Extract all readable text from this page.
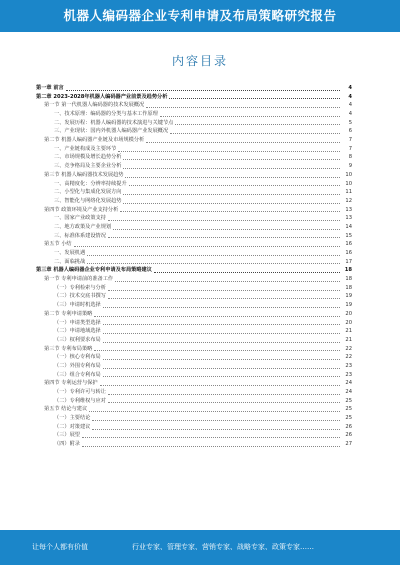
机器人编码器企业专利申请及布局策略研究报告
内容目录
第一章 前言	4
第二章 2023-2028年机器人编码器产业前景及趋势分析	4
第一节 第一代机器人编码器的技术发展概况	4
一、技术原理：编码器的分类与基本工作原理	4
二、发展历程：机器人编码器的技术演进与关键节点	5
三、产业现状：国内外机器人编码器产业发展概况	6
第二节 机器人编码器产业链及市场规模分析	7
一、产业链构成及主要环节	7
二、市场规模及增长趋势分析	8
三、竞争格局及主要企业分析	9
第三节 机器人编码器技术发展趋势	10
一、高精度化：分辨率持续提升	10
二、小型化与集成化发展方向	11
三、智能化与网络化发展趋势	12
第四节 政策环境及产业支持分析	13
一、国家产业政策支持	13
二、地方政策及产业规划	14
三、标准体系建设情况	15
第五节 小结	16
一、发展机遇	16
二、面临挑战	17
第三章 机器人编码器企业专利申请及布局策略建议	18
第一节 专利申请前的准备工作	18
（一）专利检索与分析	18
（二）技术交底书撰写	19
（三）申请时机选择	19
第二节 专利申请策略	20
（一）申请类型选择	20
（二）申请地域选择	21
（三）权利要求布局	21
第三节 专利布局策略	22
（一）核心专利布局	22
（二）外围专利布局	23
（三）组合专利布局	23
第四节 专利运营与保护	24
（一）专利许可与转让	24
（二）专利维权与应对	25
第五节 结论与建议	25
（一）主要结论	25
（二）对策建议	26
（三）展望	26
（四）附录	27
让每个人都有价值	行业专家、管理专家、营销专家、战略专家、政策专家……
